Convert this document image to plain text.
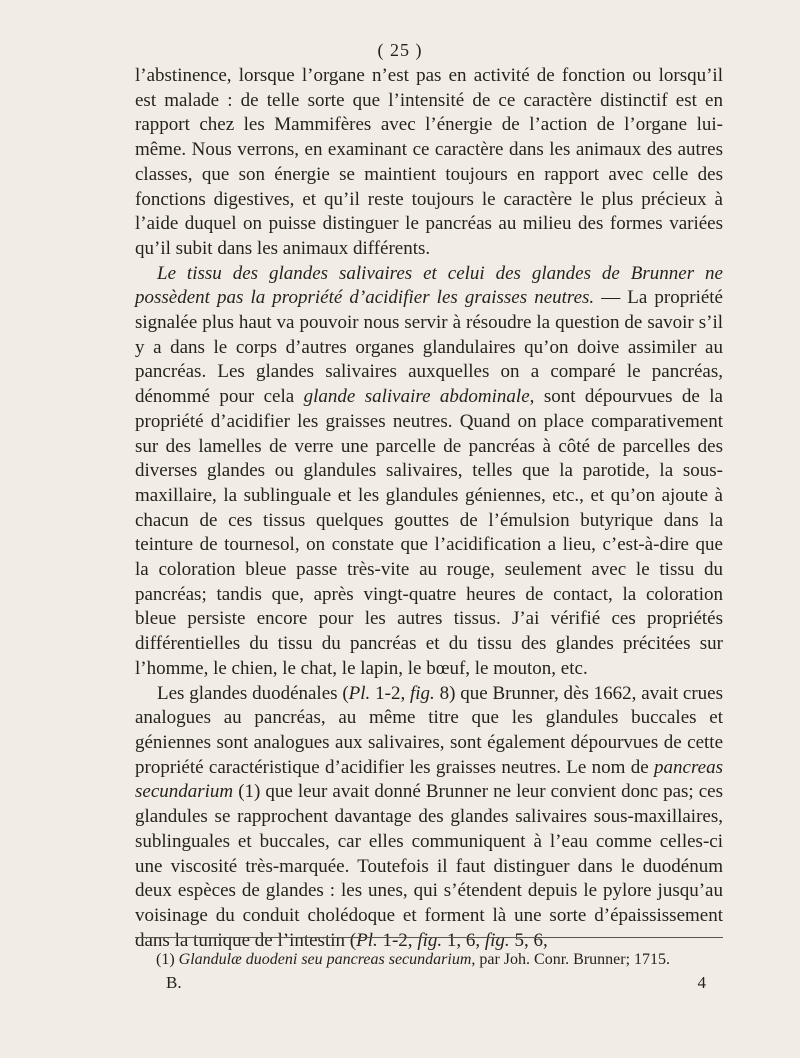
( 25 )

l’abstinence, lorsque l’organe n’est pas en activité de fonction ou lorsqu’il est malade : de telle sorte que l’intensité de ce caractère distinctif est en rapport chez les Mammifères avec l’énergie de l’action de l’organe lui-même. Nous verrons, en examinant ce caractère dans les animaux des autres classes, que son énergie se maintient toujours en rapport avec celle des fonctions digestives, et qu’il reste toujours le caractère le plus précieux à l’aide duquel on puisse distinguer le pancréas au milieu des formes variées qu’il subit dans les animaux différents.

Le tissu des glandes salivaires et celui des glandes de Brunner ne possèdent pas la propriété d’acidifier les graisses neutres. — La propriété signalée plus haut va pouvoir nous servir à résoudre la question de savoir s’il y a dans le corps d’autres organes glandulaires qu’on doive assimiler au pancréas. Les glandes salivaires auxquelles on a comparé le pancréas, dénommé pour cela glande salivaire abdominale, sont dépourvues de la propriété d’acidifier les graisses neutres. Quand on place comparativement sur des lamelles de verre une parcelle de pancréas à côté de parcelles des diverses glandes ou glandules salivaires, telles que la parotide, la sous-maxillaire, la sublinguale et les glandules géniennes, etc., et qu’on ajoute à chacun de ces tissus quelques gouttes de l’émulsion butyrique dans la teinture de tournesol, on constate que l’acidification a lieu, c’est-à-dire que la coloration bleue passe très-vite au rouge, seulement avec le tissu du pancréas; tandis que, après vingt-quatre heures de contact, la coloration bleue persiste encore pour les autres tissus. J’ai vérifié ces propriétés différentielles du tissu du pancréas et du tissu des glandes précitées sur l’homme, le chien, le chat, le lapin, le bœuf, le mouton, etc.

Les glandes duodénales (Pl. 1-2, fig. 8) que Brunner, dès 1662, avait crues analogues au pancréas, au même titre que les glandules buccales et géniennes sont analogues aux salivaires, sont également dépourvues de cette propriété caractéristique d’acidifier les graisses neutres. Le nom de pancreas secundarium (1) que leur avait donné Brunner ne leur convient donc pas; ces glandules se rapprochent davantage des glandes salivaires sous-maxillaires, sublinguales et buccales, car elles communiquent à l’eau comme celles-ci une viscosité très-marquée. Toutefois il faut distinguer dans le duodénum deux espèces de glandes : les unes, qui s’étendent depuis le pylore jusqu’au voisinage du conduit cholédoque et forment là une sorte d’épaississement dans la tunique de l’intestin (Pl. 1-2, fig. 1, 6, fig. 5, 6,

(1) Glandulæ duodeni seu pancreas secundarium, par Joh. Conr. Brunner; 1715.
B.	4
